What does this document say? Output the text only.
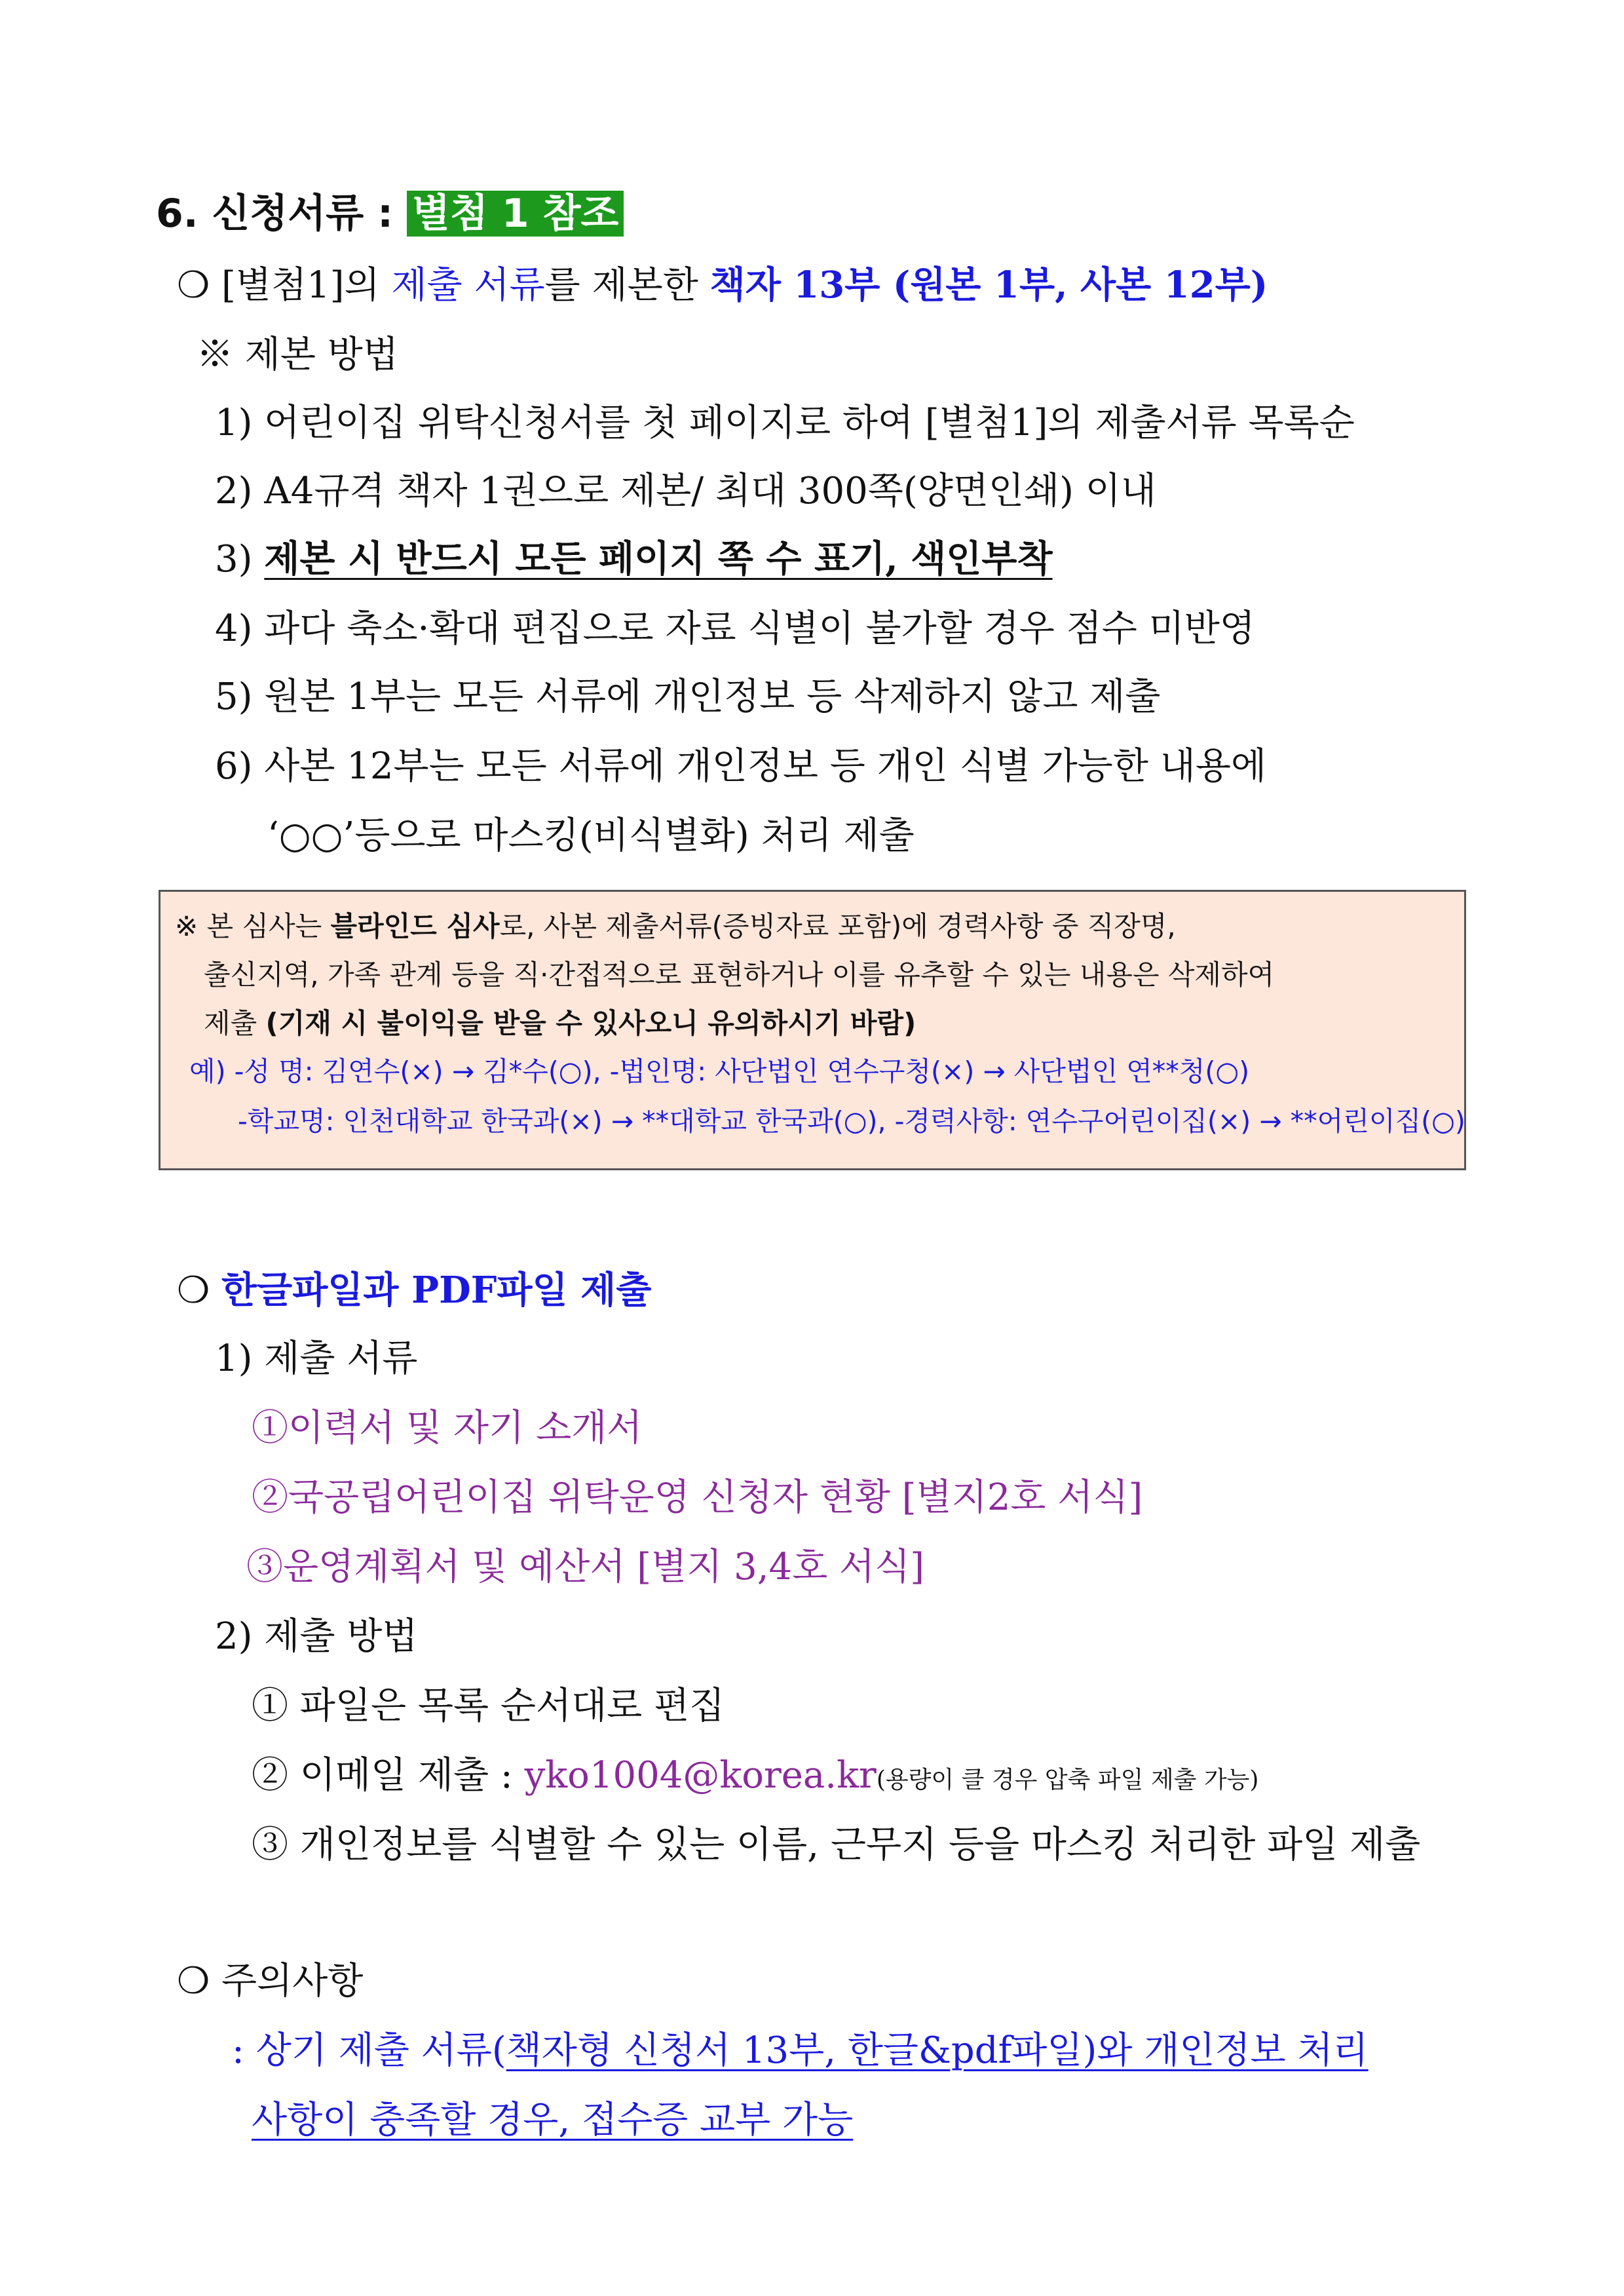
6. 신청서류 : 별첨 1 참조
❍ [별첨1]의 제출 서류를 제본한 책자 13부 (원본 1부, 사본 12부)
※ 제본 방법
1) 어린이집 위탁신청서를 첫 페이지로 하여 [별첨1]의 제출서류 목록순
2) A4규격 책자 1권으로 제본/ 최대 300쪽(양면인쇄) 이내
3) 제본 시 반드시 모든 페이지 쪽 수 표기, 색인부착
4) 과다 축소·확대 편집으로 자료 식별이 불가할 경우 점수 미반영
5) 원본 1부는 모든 서류에 개인정보 등 삭제하지 않고 제출
6) 사본 12부는 모든 서류에 개인정보 등 개인 식별 가능한 내용에
‘○○’등으로 마스킹(비식별화) 처리 제출
※ 본 심사는 블라인드 심사로, 사본 제출서류(증빙자료 포함)에 경력사항 중 직장명,
출신지역, 가족 관계 등을 직·간접적으로 표현하거나 이를 유추할 수 있는 내용은 삭제하여
제출 (기재 시 불이익을 받을 수 있사오니 유의하시기 바람)
예) -성 명: 김연수(×) → 김*수(○), -법인명: 사단법인 연수구청(×) → 사단법인 연**청(○)
-학교명: 인천대학교 한국과(×) → **대학교 한국과(○), -경력사항: 연수구어린이집(×) → **어린이집(○)
❍ 한글파일과 PDF파일 제출
1) 제출 서류
①이력서 및 자기 소개서
②국공립어린이집 위탁운영 신청자 현황 [별지2호 서식]
③운영계획서 및 예산서 [별지 3,4호 서식]
2) 제출 방법
① 파일은 목록 순서대로 편집
② 이메일 제출 : yko1004@korea.kr(용량이 클 경우 압축 파일 제출 가능)
③ 개인정보를 식별할 수 있는 이름, 근무지 등을 마스킹 처리한 파일 제출
❍ 주의사항
: 상기 제출 서류(책자형 신청서 13부, 한글&pdf파일)와 개인정보 처리
사항이 충족할 경우, 접수증 교부 가능
